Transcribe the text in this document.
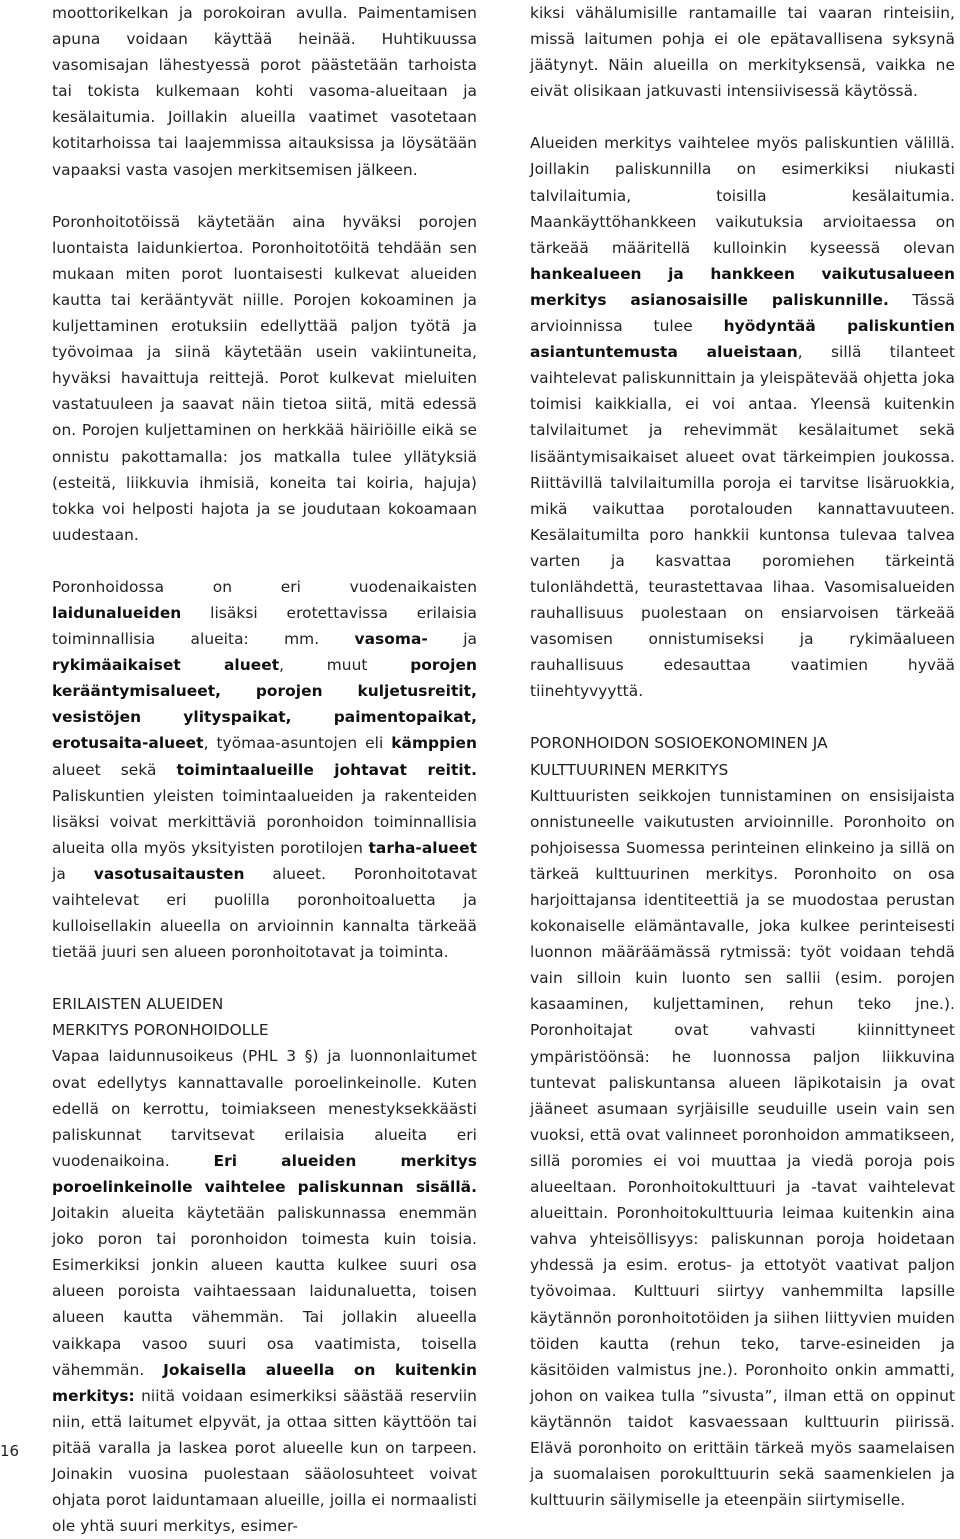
moottorikelkan ja porokoiran avulla. Paimentamisen apuna voidaan käyttää heinää. Huhtikuussa vasomisajan lähestyessä porot päästetään tarhoista tai tokista kulkemaan kohti vasoma-alueitaan ja kesälaitumia. Joillakin alueilla vaatimet vasotetaan kotitarhoissa tai laajemmissa aitauksissa ja löysätään vapaaksi vasta vasojen merkitsemisen jälkeen.

Poronhoitotöissä käytetään aina hyväksi porojen luontaista laidunkiertoa. Poronhoitotöitä tehdään sen mukaan miten porot luontaisesti kulkevat alueiden kautta tai kerääntyvät niille. Porojen kokoaminen ja kuljettaminen erotuksiin edellyttää paljon työtä ja työvoimaa ja siinä käytetään usein vakiintuneita, hyväksi havaittuja reittejä. Porot kulkevat mieluiten vastatuuleen ja saavat näin tietoa siitä, mitä edessä on. Porojen kuljettaminen on herkkää häiriöille eikä se onnistu pakottamalla: jos matkalla tulee yllätyksiä (esteitä, liikkuvia ihmisiä, koneita tai koiria, hajuja) tokka voi helposti hajota ja se joudutaan kokoamaan uudestaan.

Poronhoidossa on eri vuodenaikaisten laidunalueiden lisäksi erotettavissa erilaisia toiminnallisia alueita: mm. vasoma- ja rykimäaikaiset alueet, muut porojen kerääntymisalueet, porojen kuljetusreitit, vesistöjen ylityspaikat, paimentopaikat, erotusaita-alueet, työmaa-asuntojen eli kämppien alueet sekä toimintaalueille johtavat reitit. Paliskuntien yleisten toimintaalueiden ja rakenteiden lisäksi voivat merkittäviä poronhoidon toiminnallisia alueita olla myös yksityisten porotilojen tarha-alueet ja vasotusaitausten alueet. Poronhoitotavat vaihtelevat eri puolilla poronhoitoaluetta ja kulloisellakin alueella on arvioinnin kannalta tärkeää tietää juuri sen alueen poronhoitotavat ja toiminta.

ERILAISTEN ALUEIDEN
MERKITYS PORONHOIDOLLE

Vapaa laidunnusoikeus (PHL 3 §) ja luonnonlaitumet ovat edellytys kannattavalle poroelinkeinolle. Kuten edellä on kerrottu, toimiakseen menestyksekkäästi paliskunnat tarvitsevat erilaisia alueita eri vuodenaikoina. Eri alueiden merkitys poroelinkeinolle vaihtelee paliskunnan sisällä. Joitakin alueita käytetään paliskunnassa enemmän joko poron tai poronhoidon toimesta kuin toisia. Esimerkiksi jonkin alueen kautta kulkee suuri osa alueen poroista vaihtaessaan laidunaluetta, toisen alueen kautta vähemmän. Tai jollakin alueella vaikkapa vasoo suuri osa vaatimista, toisella vähemmän. Jokaisella alueella on kuitenkin merkitys: niitä voidaan esimerkiksi säästää reserviin niin, että laitumet elpyvät, ja ottaa sitten käyttöön tai pitää varalla ja laskea porot alueelle kun on tarpeen. Joinakin vuosina puolestaan sääolosuhteet voivat ohjata porot laiduntamaan alueille, joilla ei normaalisti ole yhtä suuri merkitys, esimer-

kiksi vähälumisille rantamaille tai vaaran rinteisiin, missä laitumen pohja ei ole epätavallisena syksynä jäätynyt. Näin alueilla on merkityksensä, vaikka ne eivät olisikaan jatkuvasti intensiivisessä käytössä.

Alueiden merkitys vaihtelee myös paliskuntien välillä. Joillakin paliskunnilla on esimerkiksi niukasti talvilaitumia, toisilla kesälaitumia. Maankäyttöhankkeen vaikutuksia arvioitaessa on tärkeää määritellä kulloinkin kyseessä olevan hankealueen ja hankkeen vaikutusalueen merkitys asianosaisille paliskunnille. Tässä arvioinnissa tulee hyödyntää paliskuntien asiantuntemusta alueistaan, sillä tilanteet vaihtelevat paliskunnittain ja yleispätevää ohjetta joka toimisi kaikkialla, ei voi antaa. Yleensä kuitenkin talvilaitumet ja rehevimmät kesälaitumet sekä lisääntymisaikaiset alueet ovat tärkeimpien joukossa. Riittävillä talvilaitumilla poroja ei tarvitse lisäruokkia, mikä vaikuttaa porotalouden kannattavuuteen. Kesälaitumilta poro hankkii kuntonsa tulevaa talvea varten ja kasvattaa poromiehen tärkeintä tulonlähdettä, teurastettavaa lihaa. Vasomisalueiden rauhallisuus puolestaan on ensiarvoisen tärkeää vasomisen onnistumiseksi ja rykimäalueen rauhallisuus edesauttaa vaatimien hyvää tiinehtyvyyttä.

PORONHOIDON SOSIOEKONOMINEN JA
KULTTUURINEN MERKITYS

Kulttuuristen seikkojen tunnistaminen on ensisijaista onnistuneelle vaikutusten arvioinnille. Poronhoito on pohjoisessa Suomessa perinteinen elinkeino ja sillä on tärkeä kulttuurinen merkitys. Poronhoito on osa harjoittajansa identiteettiä ja se muodostaa perustan kokonaiselle elämäntavalle, joka kulkee perinteisesti luonnon määräämässä rytmissä: työt voidaan tehdä vain silloin kuin luonto sen sallii (esim. porojen kasaaminen, kuljettaminen, rehun teko jne.). Poronhoitajat ovat vahvasti kiinnittyneet ympäristöönsä: he luonnossa paljon liikkuvina tuntevat paliskuntansa alueen läpikotaisin ja ovat jääneet asumaan syrjäisille seuduille usein vain sen vuoksi, että ovat valinneet poronhoidon ammatikseen, sillä poromies ei voi muuttaa ja viedä poroja pois alueeltaan. Poronhoitokulttuuri ja -tavat vaihtelevat alueittain. Poronhoitokulttuuria leimaa kuitenkin aina vahva yhteisöllisyys: paliskunnan poroja hoidetaan yhdessä ja esim. erotus- ja ettotyöt vaativat paljon työvoimaa. Kulttuuri siirtyy vanhemmilta lapsille käytännön poronhoitotöiden ja siihen liittyvien muiden töiden kautta (rehun teko, tarve-esineiden ja käsitöiden valmistus jne.). Poronhoito onkin ammatti, johon on vaikea tulla ”sivusta”, ilman että on oppinut käytännön taidot kasvaessaan kulttuurin piirissä. Elävä poronhoito on erittäin tärkeä myös saamelaisen ja suomalaisen porokulttuurin sekä saamenkielen ja kulttuurin säilymiselle ja eteenpäin siirtymiselle.

16
